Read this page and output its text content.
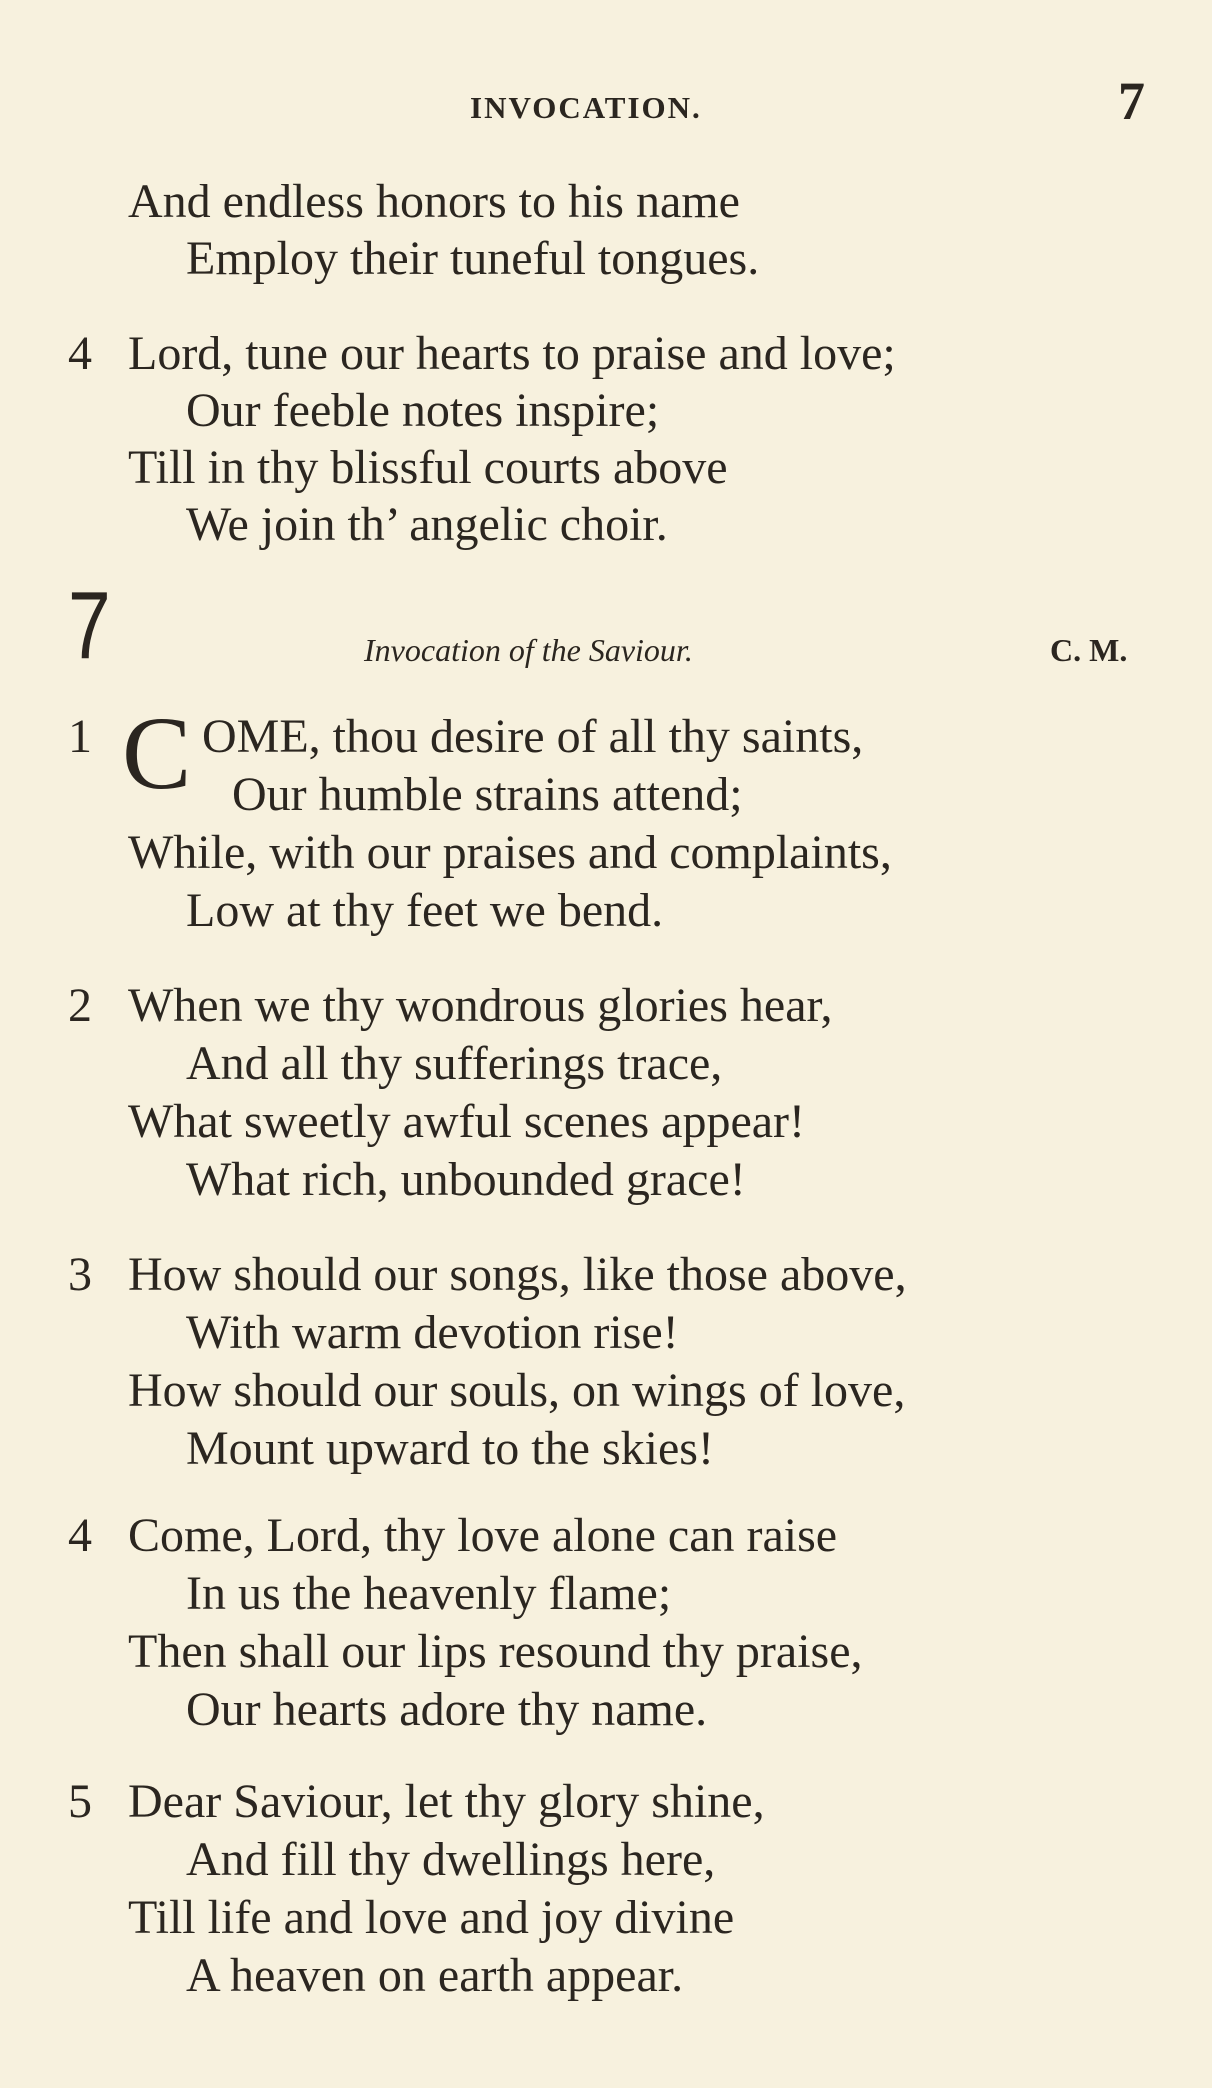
INVOCATION.	7
And endless honors to his name
Employ their tuneful tongues.
4 Lord, tune our hearts to praise and love;
Our feeble notes inspire;
Till in thy blissful courts above
We join th’ angelic choir.
7	Invocation of the Saviour.	C. M.
1 C OME, thou desire of all thy saints,
Our humble strains attend;
While, with our praises and complaints,
Low at thy feet we bend.
2 When we thy wondrous glories hear,
And all thy sufferings trace,
What sweetly awful scenes appear!
What rich, unbounded grace!
3 How should our songs, like those above,
With warm devotion rise!
How should our souls, on wings of love,
Mount upward to the skies!
4 Come, Lord, thy love alone can raise
In us the heavenly flame;
Then shall our lips resound thy praise,
Our hearts adore thy name.
5 Dear Saviour, let thy glory shine,
And fill thy dwellings here,
Till life and love and joy divine
A heaven on earth appear.
